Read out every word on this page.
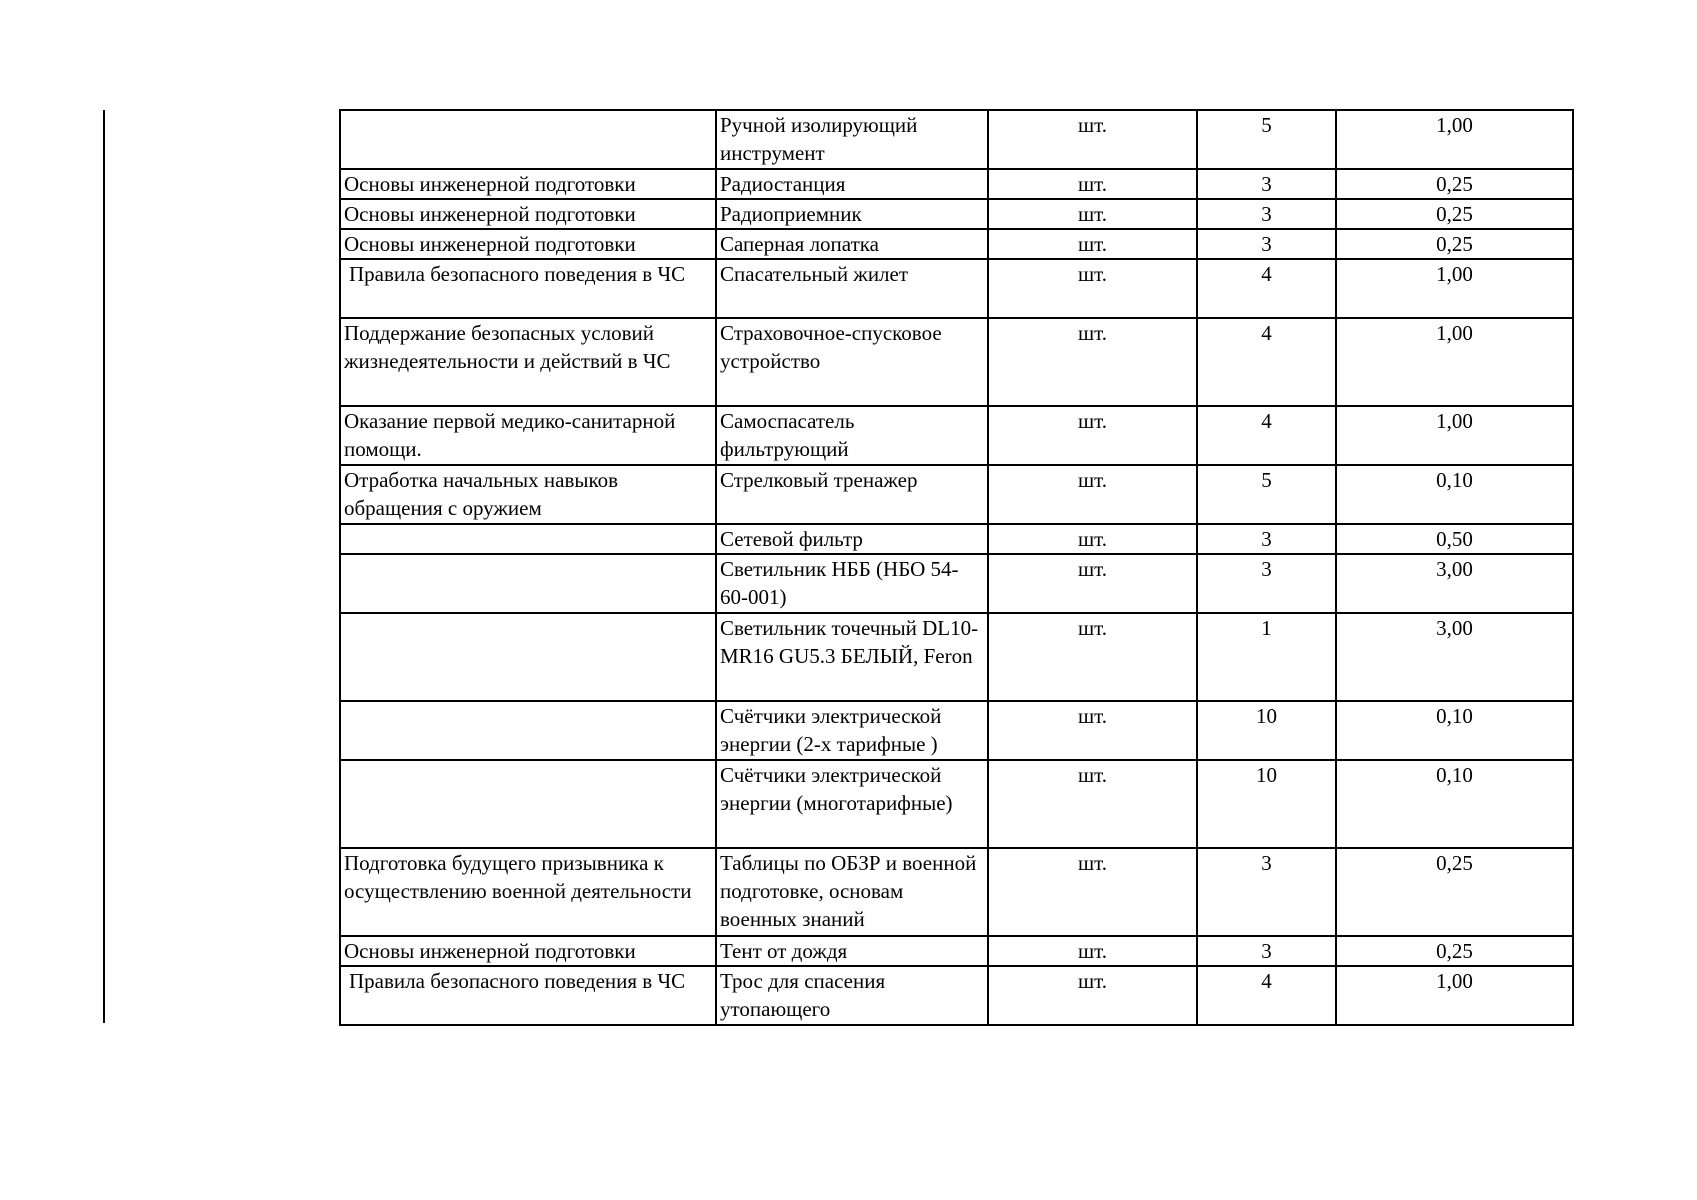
	Ручной изолирующий инструмент	шт.	5	1,00
Основы инженерной подготовки	Радиостанция	шт.	3	0,25
Основы инженерной подготовки	Радиоприемник	шт.	3	0,25
Основы инженерной подготовки	Саперная лопатка	шт.	3	0,25
Правила безопасного поведения в ЧС	Спасательный жилет	шт.	4	1,00
Поддержание безопасных условий жизнедеятельности и действий в ЧС	Страховочное-спусковое устройство	шт.	4	1,00
Оказание первой медико-санитарной помощи.	Самоспасатель фильтрующий	шт.	4	1,00
Отработка начальных навыков обращения с оружием	Стрелковый тренажер	шт.	5	0,10
	Сетевой фильтр	шт.	3	0,50
	Светильник НББ (НБО 54-60-001)	шт.	3	3,00
	Светильник точечный DL10-MR16 GU5.3 БЕЛЫЙ, Feron	шт.	1	3,00
	Счётчики электрической энергии (2-х тарифные )	шт.	10	0,10
	Счётчики электрической энергии (многотарифные)	шт.	10	0,10
Подготовка будущего призывника к осуществлению военной деятельности	Таблицы по ОБЗР и военной подготовке, основам военных знаний	шт.	3	0,25
Основы инженерной подготовки	Тент от дождя	шт.	3	0,25
Правила безопасного поведения в ЧС	Трос для спасения утопающего	шт.	4	1,00
